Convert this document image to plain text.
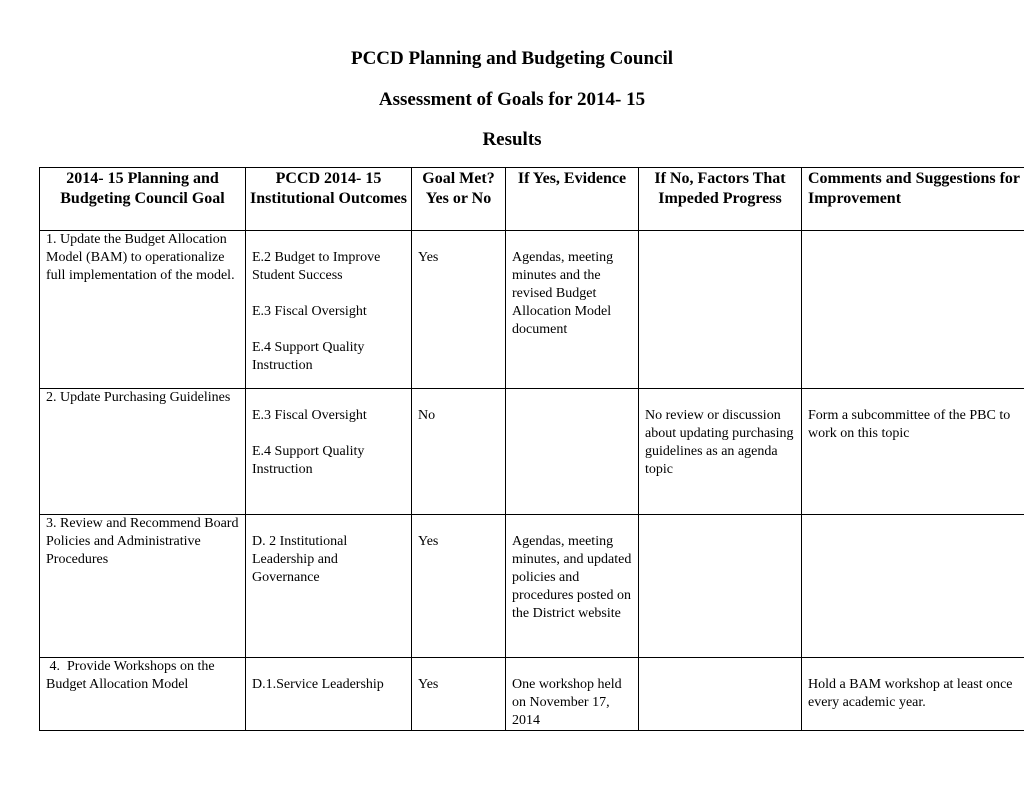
PCCD Planning and Budgeting Council
Assessment of Goals for 2014- 15
Results
2014- 15 Planning and Budgeting Council Goal	PCCD 2014- 15 Institutional Outcomes	Goal Met? Yes or No	If Yes, Evidence	If No, Factors That Impeded Progress	Comments and Suggestions for Improvement

1. Update the Budget Allocation Model (BAM) to operationalize full implementation of the model.	E.2 Budget to Improve Student Success
E.3 Fiscal Oversight
E.4 Support Quality Instruction	Yes	Agendas, meeting minutes and the revised Budget Allocation Model document		

2. Update Purchasing Guidelines	E.3 Fiscal Oversight
E.4 Support Quality Instruction	No		No review or discussion about updating purchasing guidelines as an agenda topic	Form a subcommittee of the PBC to work on this topic

3. Review and Recommend Board Policies and Administrative Procedures	D. 2 Institutional Leadership and Governance	Yes	Agendas, meeting minutes, and updated policies and procedures posted on the District website		

4.  Provide Workshops on the Budget Allocation Model	D.1.Service Leadership	Yes	One workshop held on November 17, 2014		Hold a BAM workshop at least once every academic year.
